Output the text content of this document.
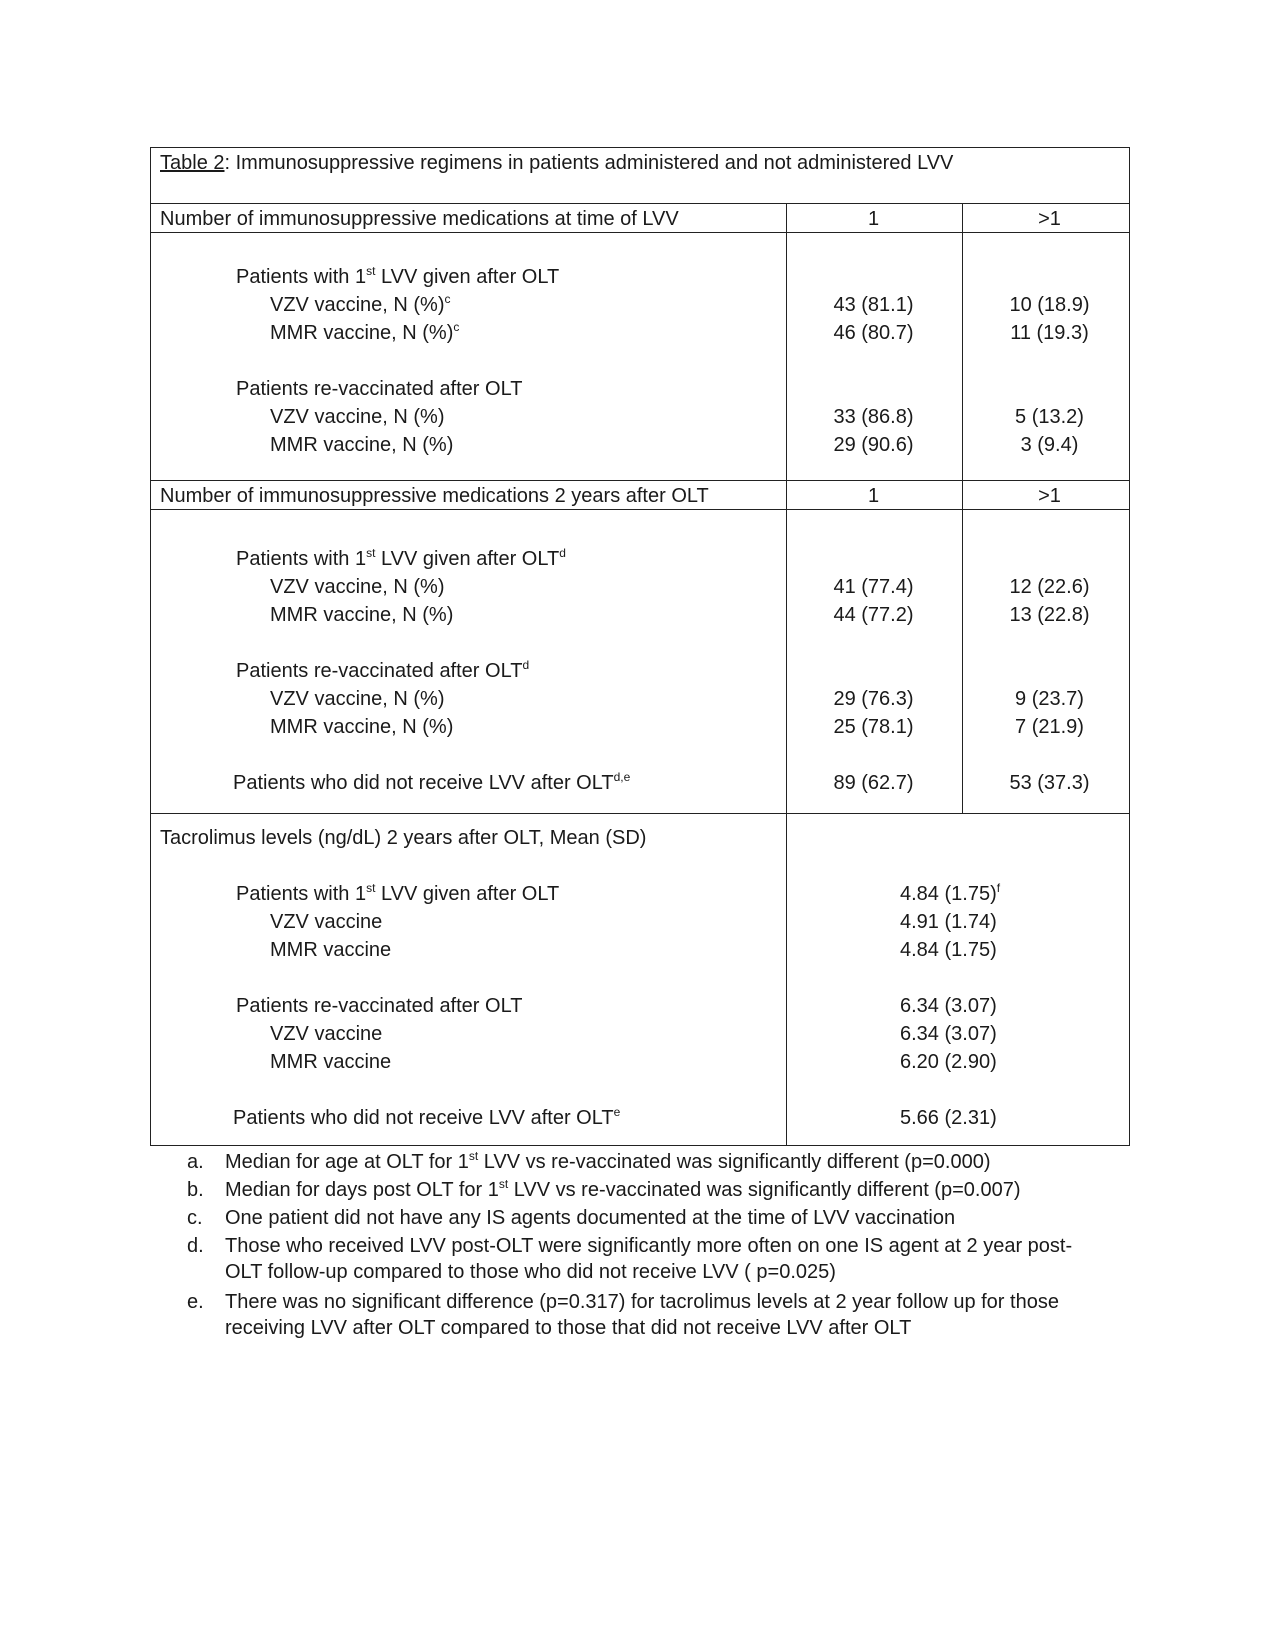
Table 2: Immunosuppressive regimens in patients administered and not administered LVV
Number of immunosuppressive medications at time of LVV	1	>1
Patients with 1st LVV given after OLT
VZV vaccine, N (%)$^c$	43 (81.1)	10 (18.9)
MMR vaccine, N (%)$^c$	46 (80.7)	11 (19.3)
Patients re-vaccinated after OLT
VZV vaccine, N (%)	33 (86.8)	5 (13.2)
MMR vaccine, N (%)	29 (90.6)	3 (9.4)
Number of immunosuppressive medications 2 years after OLT	1	>1
Patients with 1st LVV given after OLT$^d$
VZV vaccine, N (%)	41 (77.4)	12 (22.6)
MMR vaccine, N (%)	44 (77.2)	13 (22.8)
Patients re-vaccinated after OLT$^d$
VZV vaccine, N (%)	29 (76.3)	9 (23.7)
MMR vaccine, N (%)	25 (78.1)	7 (21.9)
Patients who did not receive LVV after OLT$^{d,e}$	89 (62.7)	53 (37.3)
Tacrolimus levels (ng/dL) 2 years after OLT, Mean (SD)
Patients with 1st LVV given after OLT	4.84 $(1.75)^f$
VZV vaccine	4.91 (1.74)
MMR vaccine	4.84 (1.75)
Patients re-vaccinated after OLT	6.34 (3.07)
VZV vaccine	6.34 (3.07)
MMR vaccine	6.20 (2.90)
Patients who did not receive LVV after OLT$^e$	5.66 (2.31)
a. Median for age at OLT for 1st LVV vs re-vaccinated was significantly different (p=0.000)
b. Median for days post OLT for 1st LVV vs re-vaccinated was significantly different (p=0.007)
c. One patient did not have any IS agents documented at the time of LVV vaccination
d. Those who received LVV post-OLT were significantly more often on one IS agent at 2 year post-
OLT follow-up compared to those who did not receive LVV ( p=0.025)
e. There was no significant difference (p=0.317) for tacrolimus levels at 2 year follow up for those
receiving LVV after OLT compared to those that did not receive LVV after OLT
